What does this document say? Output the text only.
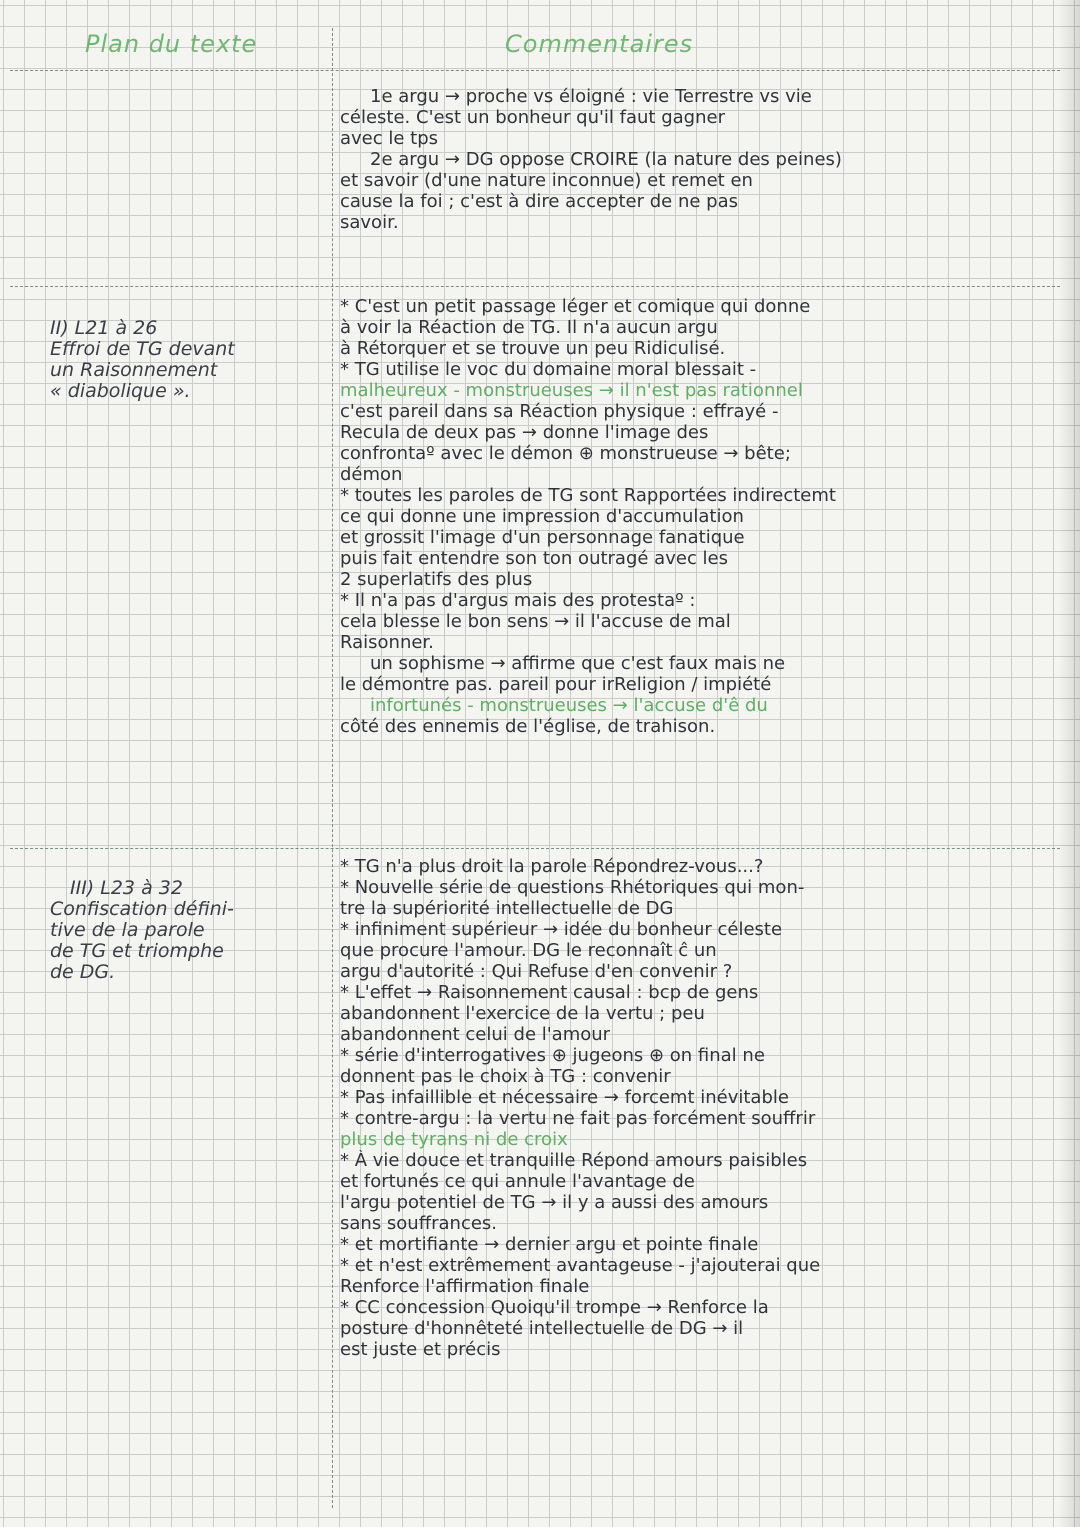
Plan du texte	Commentaires
1e argu → proche vs éloigné : vie Terrestre vs vie
céleste. C'est un bonheur qu'il faut gagner
avec le tps
2e argu → DG oppose CROIRE (la nature des peines)
et savoir (d'une nature inconnue) et remet en
cause la foi ; c'est à dire accepter de ne pas
savoir.
II) L21 à 26
Effroi de TG devant
un Raisonnement
« diabolique ».
* C'est un petit passage léger et comique qui donne
à voir la Réaction de TG. Il n'a aucun argu
à Rétorquer et se trouve un peu Ridiculisé.
* TG utilise le voc du domaine moral blessait -
malheureux - monstrueuses → il n'est pas rationnel
c'est pareil dans sa Réaction physique : effrayé -
Recula de deux pas → donne l'image des
confrontaº avec le démon ⊕ monstrueuse → bête;
démon
* toutes les paroles de TG sont Rapportées indirectemt
ce qui donne une impression d'accumulation
et grossit l'image d'un personnage fanatique
puis fait entendre son ton outragé avec les
2 superlatifs des plus
* Il n'a pas d'argus mais des protestaº :
cela blesse le bon sens → il l'accuse de mal
Raisonner.
un sophisme → affirme que c'est faux mais ne
le démontre pas. pareil pour irReligion / impiété
infortunés - monstrueuses → l'accuse d'ê du
côté des ennemis de l'église, de trahison.
III) L23 à 32
Confiscation défini-
tive de la parole
de TG et triomphe
de DG.
* TG n'a plus droit la parole Répondrez-vous...?
* Nouvelle série de questions Rhétoriques qui mon-
tre la supériorité intellectuelle de DG
* infiniment supérieur → idée du bonheur céleste
que procure l'amour. DG le reconnaît ĉ un
argu d'autorité : Qui Refuse d'en convenir ?
* L'effet → Raisonnement causal : bcp de gens
abandonnent l'exercice de la vertu ; peu
abandonnent celui de l'amour
* série d'interrogatives ⊕ jugeons ⊕ on final ne
donnent pas le choix à TG : convenir
* Pas infaillible et nécessaire → forcemt inévitable
* contre-argu : la vertu ne fait pas forcément souffrir
plus de tyrans ni de croix
* À vie douce et tranquille Répond amours paisibles
et fortunés ce qui annule l'avantage de
l'argu potentiel de TG → il y a aussi des amours
sans souffrances.
* et mortifiante → dernier argu et pointe finale
* et n'est extrêmement avantageuse - j'ajouterai que
Renforce l'affirmation finale
* CC concession Quoiqu'il trompe → Renforce la
posture d'honnêteté intellectuelle de DG → il
est juste et précis
